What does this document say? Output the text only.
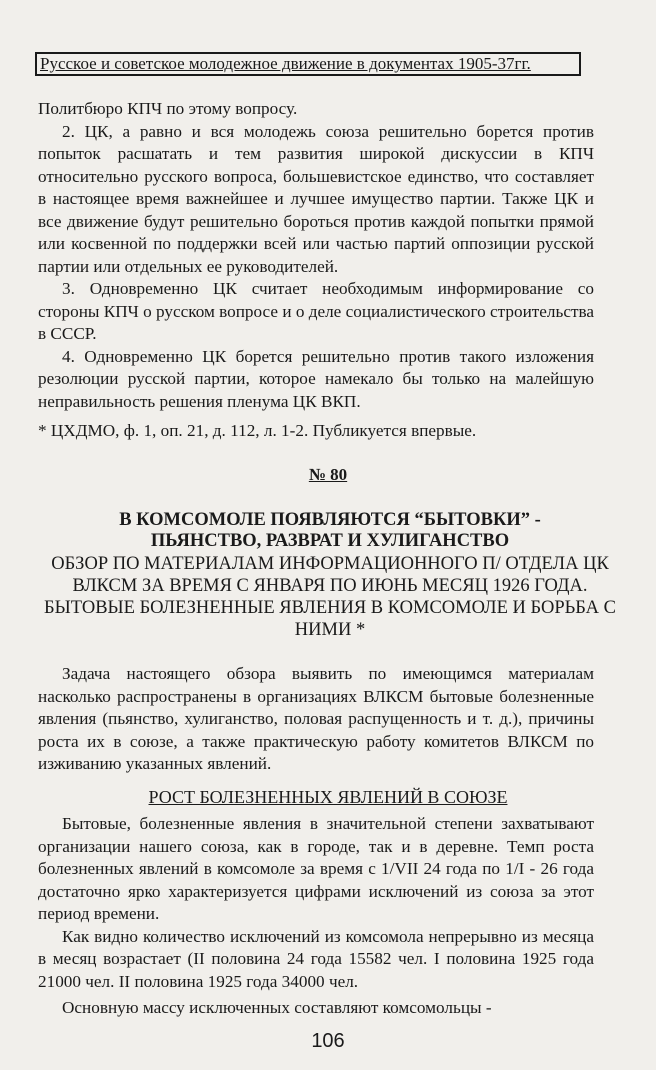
Русское и советское молодежное движение в документах 1905-37гг.

Политбюро КПЧ по этому вопросу.

2. ЦК, а равно и вся молодежь союза решительно борется против попыток расшатать и тем развития широкой дискуссии в КПЧ относительно русского вопроса, большевистское единство, что составляет в настоящее время важнейшее и лучшее имущество партии. Также ЦК и все движение будут решительно бороться против каждой попытки прямой или косвенной по поддержки всей или частью партий оппозиции русской партии или отдельных ее руководителей.

3. Одновременно ЦК считает необходимым информирование со стороны КПЧ о русском вопросе и о деле социалистического строительства в СССР.

4. Одновременно ЦК борется решительно против такого изложения резолюции русской партии, которое намекало бы только на малейшую неправильность решения пленума ЦК ВКП.

* ЦХДМО, ф. 1, оп. 21, д. 112, л. 1-2. Публикуется впервые.
№ 80
В КОМСОМОЛЕ ПОЯВЛЯЮТСЯ “БЫТОВКИ” - ПЬЯНСТВО, РАЗВРАТ И ХУЛИГАНСТВО
ОБЗОР ПО МАТЕРИАЛАМ ИНФОРМАЦИОННОГО П/ ОТДЕЛА ЦК ВЛКСМ ЗА ВРЕМЯ С ЯНВАРЯ ПО ИЮНЬ МЕСЯЦ 1926 ГОДА. БЫТОВЫЕ БОЛЕЗНЕННЫЕ ЯВЛЕНИЯ В КОМСОМОЛЕ И БОРЬБА С НИМИ *

Задача настоящего обзора выявить по имеющимся материалам насколько распространены в организациях ВЛКСМ бытовые болезненные явления (пьянство, хулиганство, половая распущенность и т. д.), причины роста их в союзе, а также практическую работу комитетов ВЛКСМ по изживанию указанных явлений.

РОСТ БОЛЕЗНЕННЫХ ЯВЛЕНИЙ В СОЮЗЕ

Бытовые, болезненные явления в значительной степени захватывают организации нашего союза, как в городе, так и в деревне. Темп роста болезненных явлений в комсомоле за время с 1/VII 24 года по 1/I - 26 года достаточно ярко характеризуется цифрами исключений из союза за этот период времени.

Как видно количество исключений из комсомола непрерывно из месяца в месяц возрастает (II половина 24 года 15582 чел. I половина 1925 года 21000 чел. II половина 1925 года 34000 чел.

Основную массу исключенных составляют комсомольцы -

106
